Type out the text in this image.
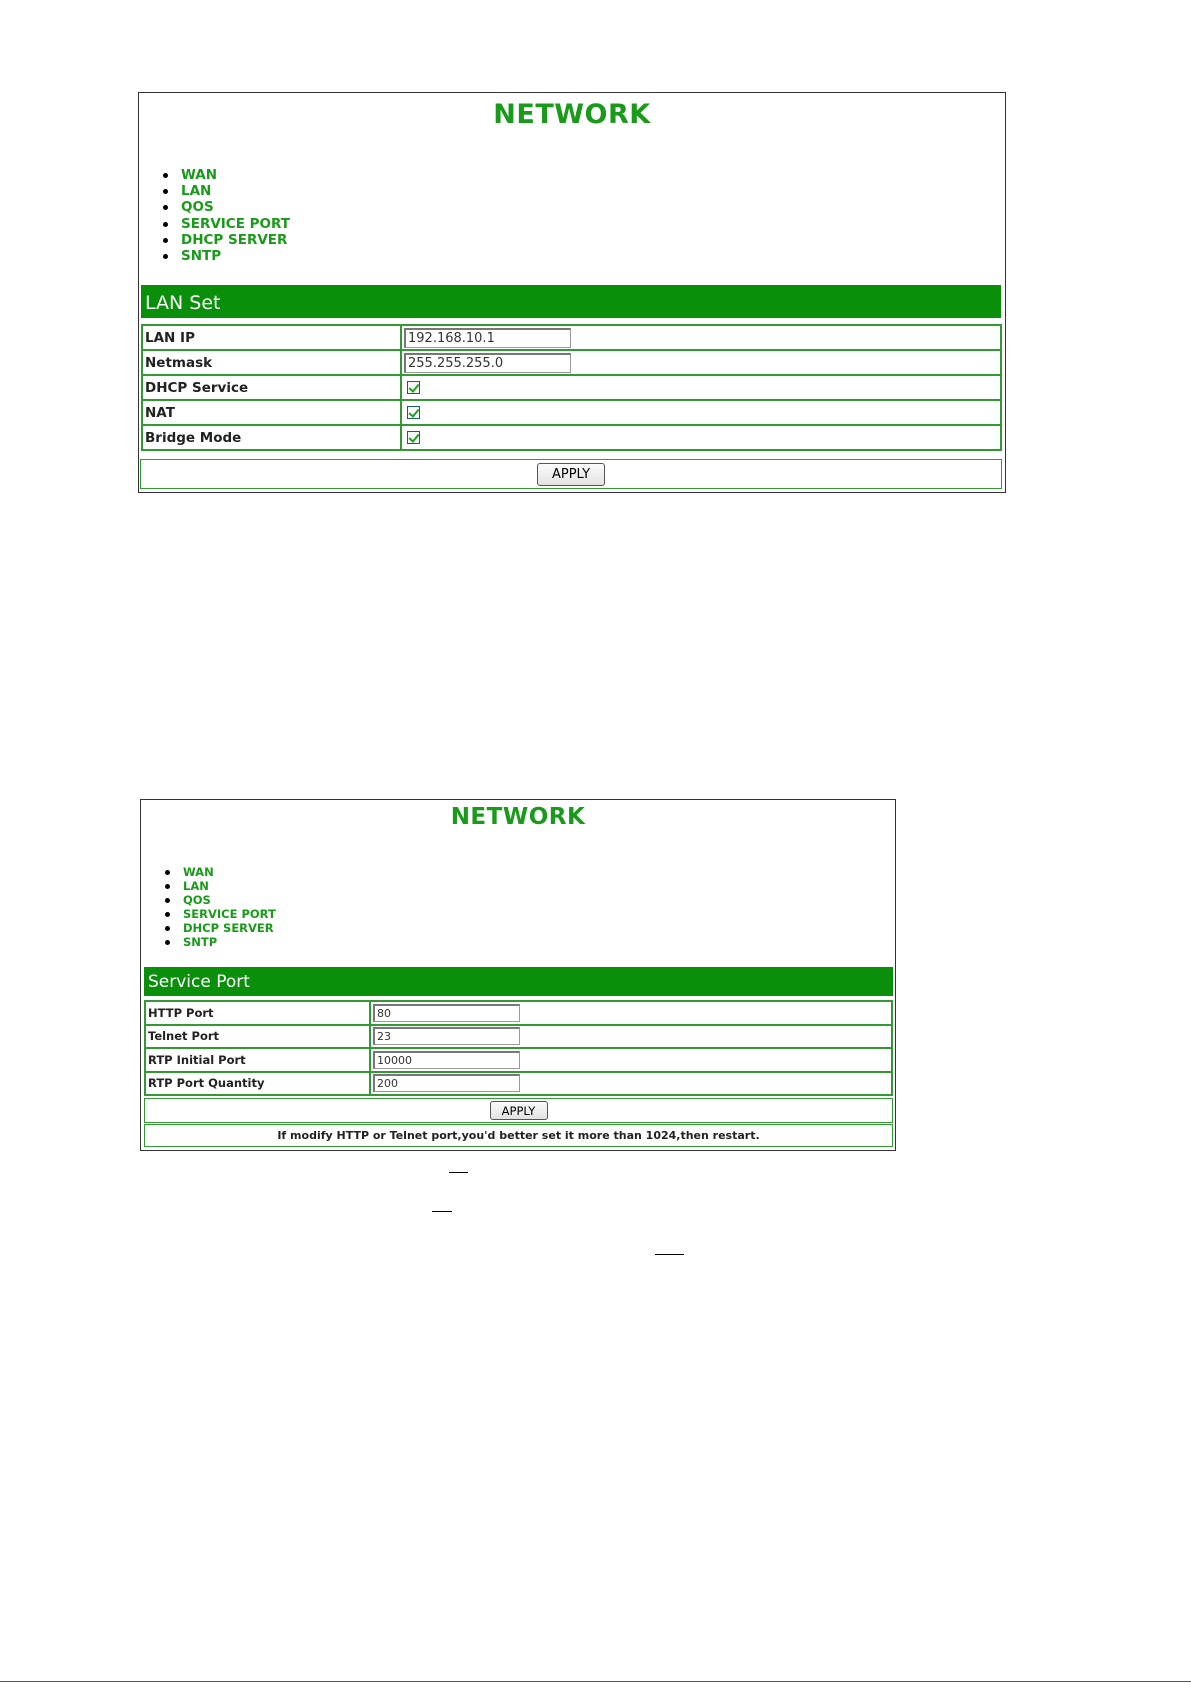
NETWORK
WAN
LAN
QOS
SERVICE PORT
DHCP SERVER
SNTP
LAN Set
LAN IP	192.168.10.1
Netmask	255.255.255.0
DHCP Service	
NAT	
Bridge Mode	
APPLY
NETWORK
WAN
LAN
QOS
SERVICE PORT
DHCP SERVER
SNTP
Service Port
HTTP Port	80
Telnet Port	23
RTP Initial Port	10000
RTP Port Quantity	200
APPLY
If modify HTTP or Telnet port,you'd better set it more than 1024,then restart.
